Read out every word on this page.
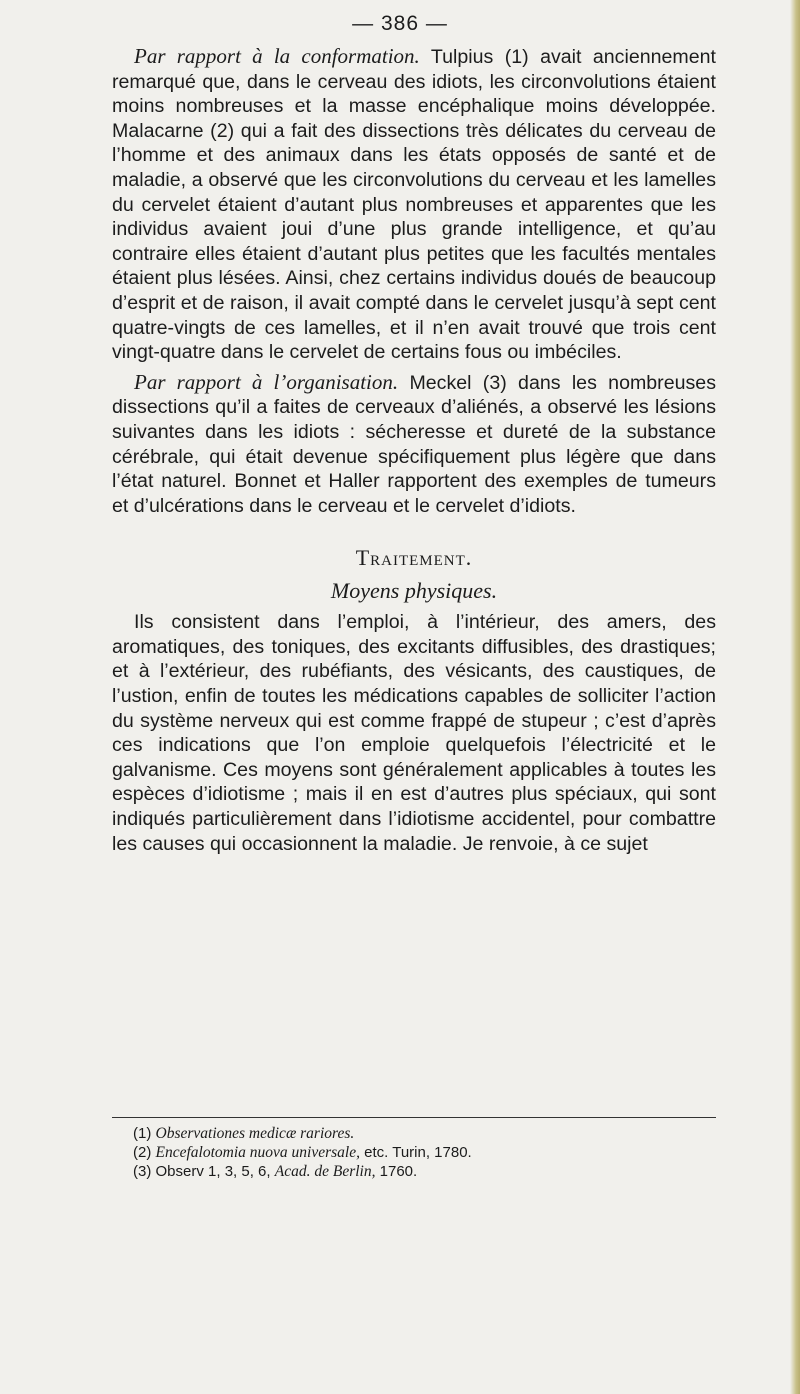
— 386 —

Par rapport à la conformation. Tulpius (1) avait anciennement remarqué que, dans le cerveau des idiots, les circonvolutions étaient moins nombreuses et la masse encéphalique moins développée. Malacarne (2) qui a fait des dissections très délicates du cerveau de l’homme et des animaux dans les états opposés de santé et de maladie, a observé que les circonvolutions du cerveau et les lamelles du cervelet étaient d’autant plus nombreuses et apparentes que les individus avaient joui d’une plus grande intelligence, et qu’au contraire elles étaient d’autant plus petites que les facultés mentales étaient plus lésées. Ainsi, chez certains individus doués de beaucoup d’esprit et de raison, il avait compté dans le cervelet jusqu’à sept cent quatre-vingts de ces lamelles, et il n’en avait trouvé que trois cent vingt-quatre dans le cervelet de certains fous ou imbéciles.

Par rapport à l’organisation. Meckel (3) dans les nombreuses dissections qu’il a faites de cerveaux d’aliénés, a observé les lésions suivantes dans les idiots : sécheresse et dureté de la substance cérébrale, qui était devenue spécifiquement plus légère que dans l’état naturel. Bonnet et Haller rapportent des exemples de tumeurs et d’ulcérations dans le cerveau et le cervelet d’idiots.

Traitement.
Moyens physiques.

Ils consistent dans l’emploi, à l’intérieur, des amers, des aromatiques, des toniques, des excitants diffusibles, des drastiques; et à l’extérieur, des rubéfiants, des vésicants, des caustiques, de l’ustion, enfin de toutes les médications capables de solliciter l’action du système nerveux qui est comme frappé de stupeur ; c’est d’après ces indications que l’on emploie quelquefois l’électricité et le galvanisme. Ces moyens sont généralement applicables à toutes les espèces d’idiotisme ; mais il en est d’autres plus spéciaux, qui sont indiqués particulièrement dans l’idiotisme accidentel, pour combattre les causes qui occasionnent la maladie. Je renvoie, à ce sujet

(1) Observationes medicæ rariores.
(2) Encefalotomia nuova universale, etc. Turin, 1780.
(3) Observ 1, 3, 5, 6, Acad. de Berlin, 1760.
